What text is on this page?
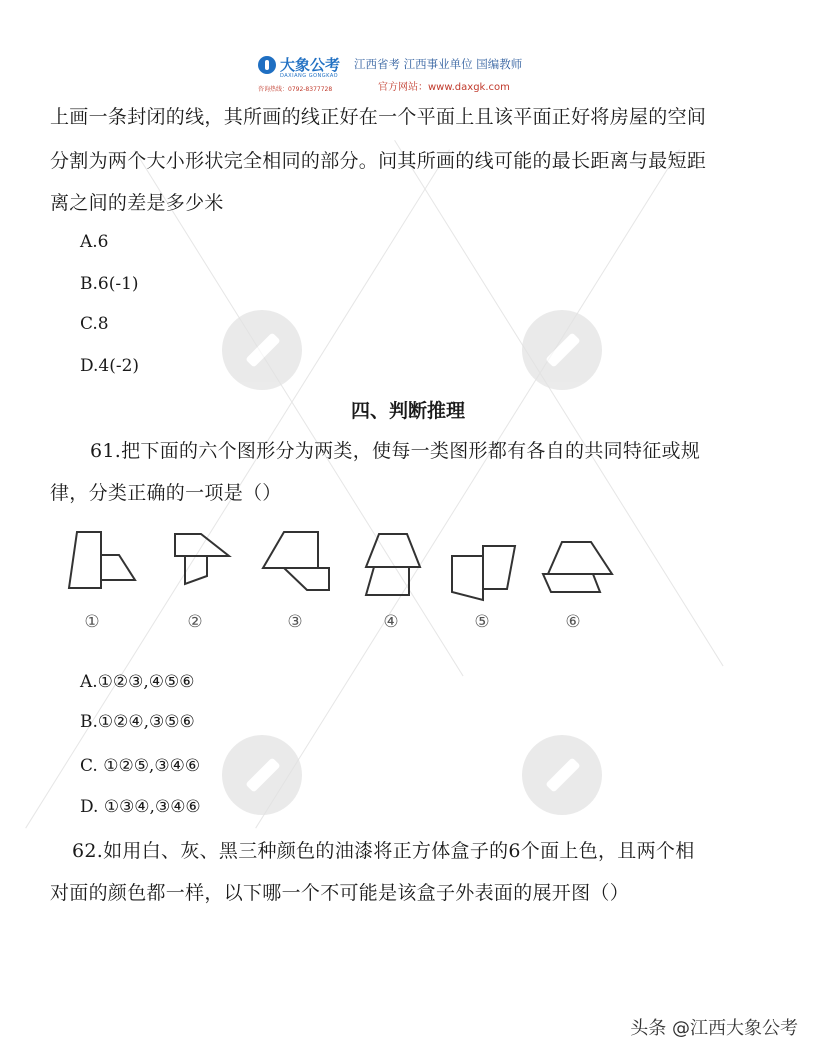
大象公考
DAXIANG GONGKAO
江西省考 江西事业单位 国编教师
咨询热线：0792-8377728	官方网站：www.daxgk.com
上画一条封闭的线，其所画的线正好在一个平面上且该平面正好将房屋的空间
分割为两个大小形状完全相同的部分。问其所画的线可能的最长距离与最短距
离之间的差是多少米
A.6
B.6(-1)
C.8
D.4(-2)
四、判断推理
61.把下面的六个图形分为两类，使每一类图形都有各自的共同特征或规
律，分类正确的一项是（）
①	②	③	④	⑤	⑥
A.①②③,④⑤⑥
B.①②④,③⑤⑥
C. ①②⑤,③④⑥
D. ①③④,③④⑥
62.如用白、灰、黑三种颜色的油漆将正方体盒子的6个面上色，且两个相
对面的颜色都一样，以下哪一个不可能是该盒子外表面的展开图（）
头条 @江西大象公考
